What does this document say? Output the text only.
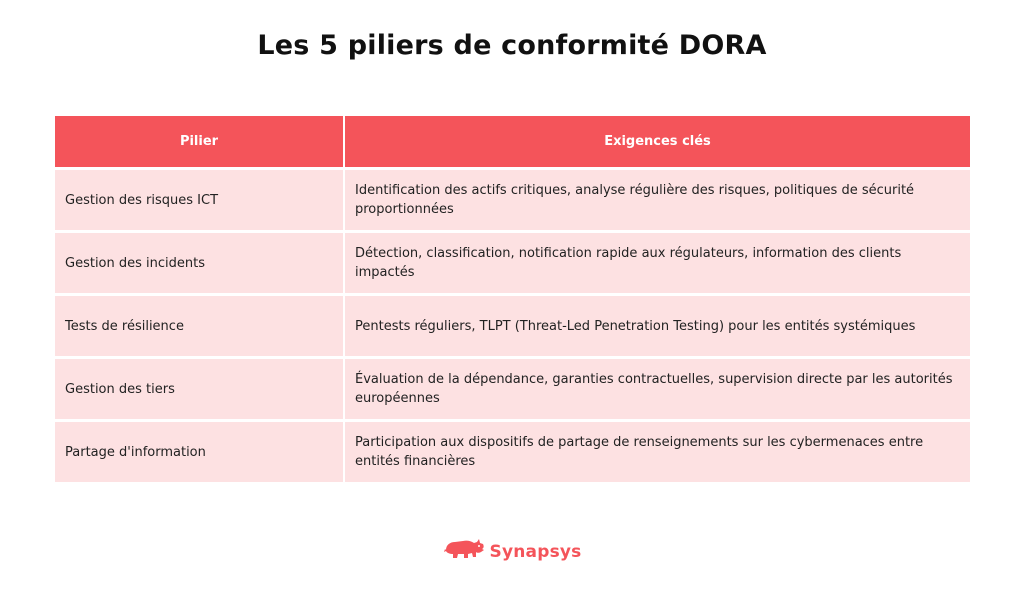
Les 5 piliers de conformité DORA
Pilier	Exigences clés
Gestion des risques ICT	Identification des actifs critiques, analyse régulière des risques, politiques de sécurité proportionnées
Gestion des incidents	Détection, classification, notification rapide aux régulateurs, information des clients impactés
Tests de résilience	Pentests réguliers, TLPT (Threat-Led Penetration Testing) pour les entités systémiques
Gestion des tiers	Évaluation de la dépendance, garanties contractuelles, supervision directe par les autorités européennes
Partage d'information	Participation aux dispositifs de partage de renseignements sur les cybermenaces entre entités financières
Synapsys
